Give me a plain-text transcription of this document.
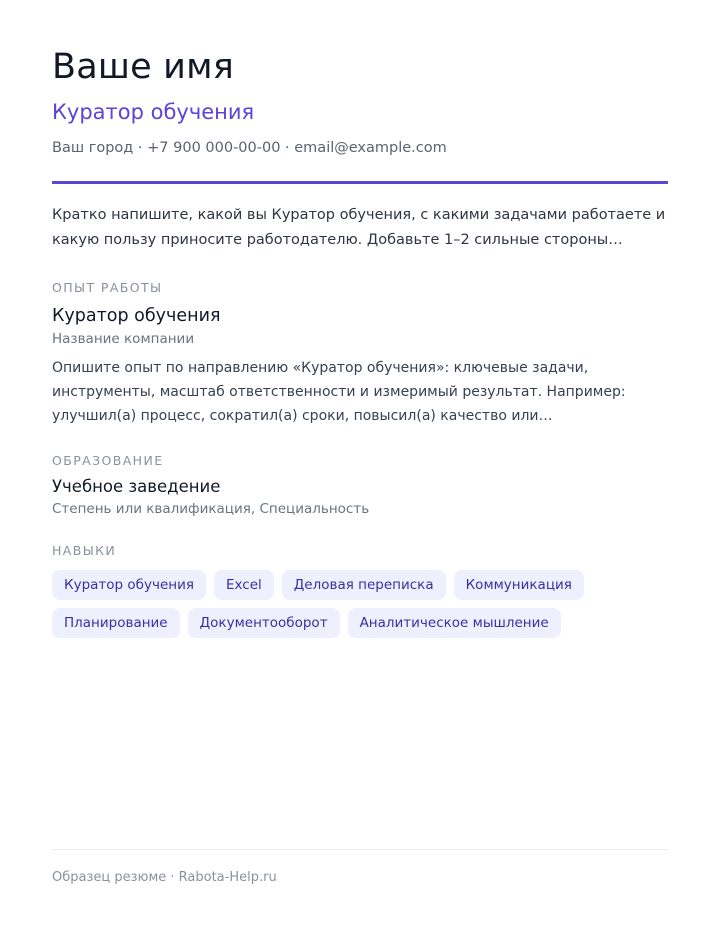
Ваше имя
Куратор обучения
Ваш город · +7 900 000-00-00 · email@example.com
Кратко напишите, какой вы Куратор обучения, с какими задачами работаете и какую пользу приносите работодателю. Добавьте 1–2 сильные стороны…
ОПЫТ РАБОТЫ
Куратор обучения
Название компании
Опишите опыт по направлению «Куратор обучения»: ключевые задачи, инструменты, масштаб ответственности и измеримый результат. Например: улучшил(а) процесс, сократил(а) сроки, повысил(а) качество или…
ОБРАЗОВАНИЕ
Учебное заведение
Степень или квалификация, Специальность
НАВЫКИ
Куратор обучения	Excel	Деловая переписка	Коммуникация
Планирование	Документооборот	Аналитическое мышление
Образец резюме · Rabota-Help.ru
